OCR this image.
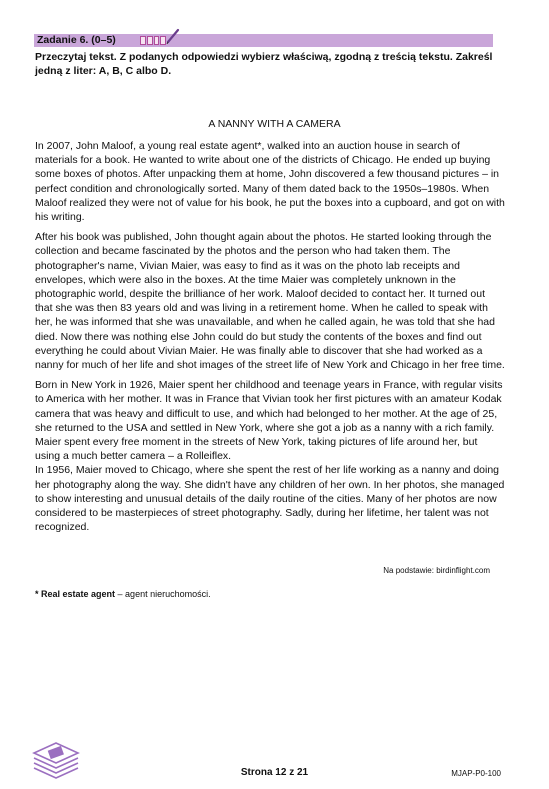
Zadanie 6. (0–5)
Przeczytaj tekst. Z podanych odpowiedzi wybierz właściwą, zgodną z treścią tekstu. Zakreśl jedną z liter: A, B, C albo D.
A NANNY WITH A CAMERA

In 2007, John Maloof, a young real estate agent*, walked into an auction house in search of materials for a book. He wanted to write about one of the districts of Chicago. He ended up buying some boxes of photos. After unpacking them at home, John discovered a few thousand pictures – in perfect condition and chronologically sorted. Many of them dated back to the 1950s–1980s. When Maloof realized they were not of value for his book, he put the boxes into a cupboard, and got on with his writing.

After his book was published, John thought again about the photos. He started looking through the collection and became fascinated by the photos and the person who had taken them. The photographer's name, Vivian Maier, was easy to find as it was on the photo lab receipts and envelopes, which were also in the boxes. At the time Maier was completely unknown in the photographic world, despite the brilliance of her work. Maloof decided to contact her. It turned out that she was then 83 years old and was living in a retirement home. When he called to speak with her, he was informed that she was unavailable, and when he called again, he was told that she had died. Now there was nothing else John could do but study the contents of the boxes and find out everything he could about Vivian Maier. He was finally able to discover that she had worked as a nanny for much of her life and shot images of the street life of New York and Chicago in her free time.

Born in New York in 1926, Maier spent her childhood and teenage years in France, with regular visits to America with her mother. It was in France that Vivian took her first pictures with an amateur Kodak camera that was heavy and difficult to use, and which had belonged to her mother. At the age of 25, she returned to the USA and settled in New York, where she got a job as a nanny with a rich family. Maier spent every free moment in the streets of New York, taking pictures of life around her, but using a much better camera – a Rolleiflex.

In 1956, Maier moved to Chicago, where she spent the rest of her life working as a nanny and doing her photography along the way. She didn't have any children of her own. In her photos, she managed to show interesting and unusual details of the daily routine of the cities. Many of her photos are now considered to be masterpieces of street photography. Sadly, during her lifetime, her talent was not recognized.

Na podstawie: birdinflight.com
* Real estate agent – agent nieruchomości.
Strona 12 z 21	MJAP-P0-100
